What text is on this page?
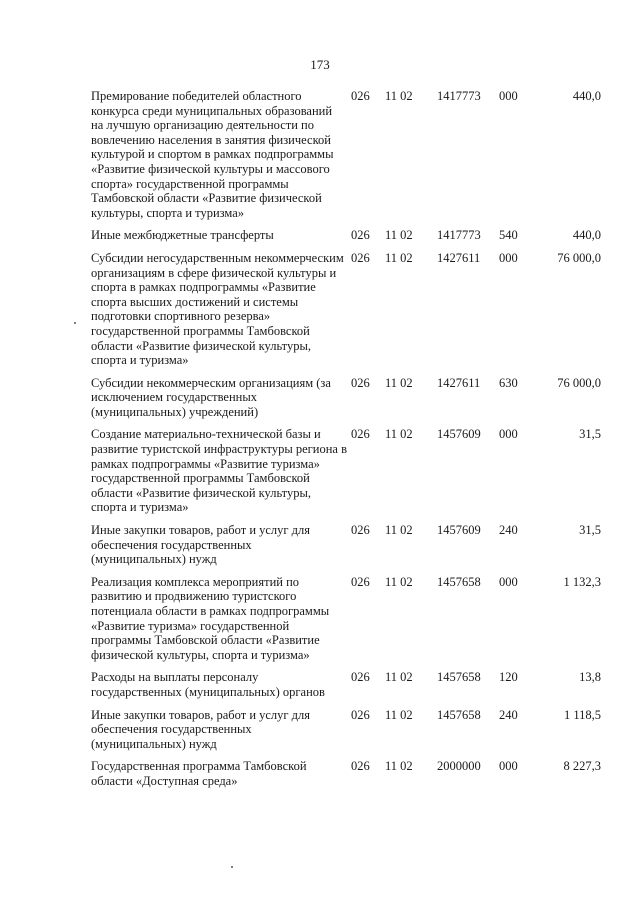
173
Премирование победителей областного конкурса среди муниципальных образований на лучшую организацию деятельности по вовлечению населения в занятия физической культурой и спортом в рамках подпрограммы «Развитие физической культуры и массового спорта» государственной программы Тамбовской области «Развитие физической культуры, спорта и туризма»	026	11 02	1417773	000	440,0
Иные межбюджетные трансферты	026	11 02	1417773	540	440,0
Субсидии негосударственным некоммерческим организациям в сфере физической культуры и спорта в рамках подпрограммы «Развитие спорта высших достижений и системы подготовки спортивного резерва» государственной программы Тамбовской области «Развитие физической культуры, спорта и туризма»	026	11 02	1427611	000	76 000,0
Субсидии некоммерческим организациям (за исключением государственных (муниципальных) учреждений)	026	11 02	1427611	630	76 000,0
Создание материально-технической базы и развитие туристской инфраструктуры региона в рамках подпрограммы «Развитие туризма» государственной программы Тамбовской области «Развитие физической культуры, спорта и туризма»	026	11 02	1457609	000	31,5
Иные закупки товаров, работ и услуг для обеспечения государственных (муниципальных) нужд	026	11 02	1457609	240	31,5
Реализация комплекса мероприятий по развитию и продвижению туристского потенциала области в рамках подпрограммы «Развитие туризма» государственной программы Тамбовской области «Развитие физической культуры, спорта и туризма»	026	11 02	1457658	000	1 132,3
Расходы на выплаты персоналу государственных (муниципальных) органов	026	11 02	1457658	120	13,8
Иные закупки товаров, работ и услуг для обеспечения государственных (муниципальных) нужд	026	11 02	1457658	240	1 118,5
Государственная программа Тамбовской области «Доступная среда»	026	11 02	2000000	000	8 227,3
